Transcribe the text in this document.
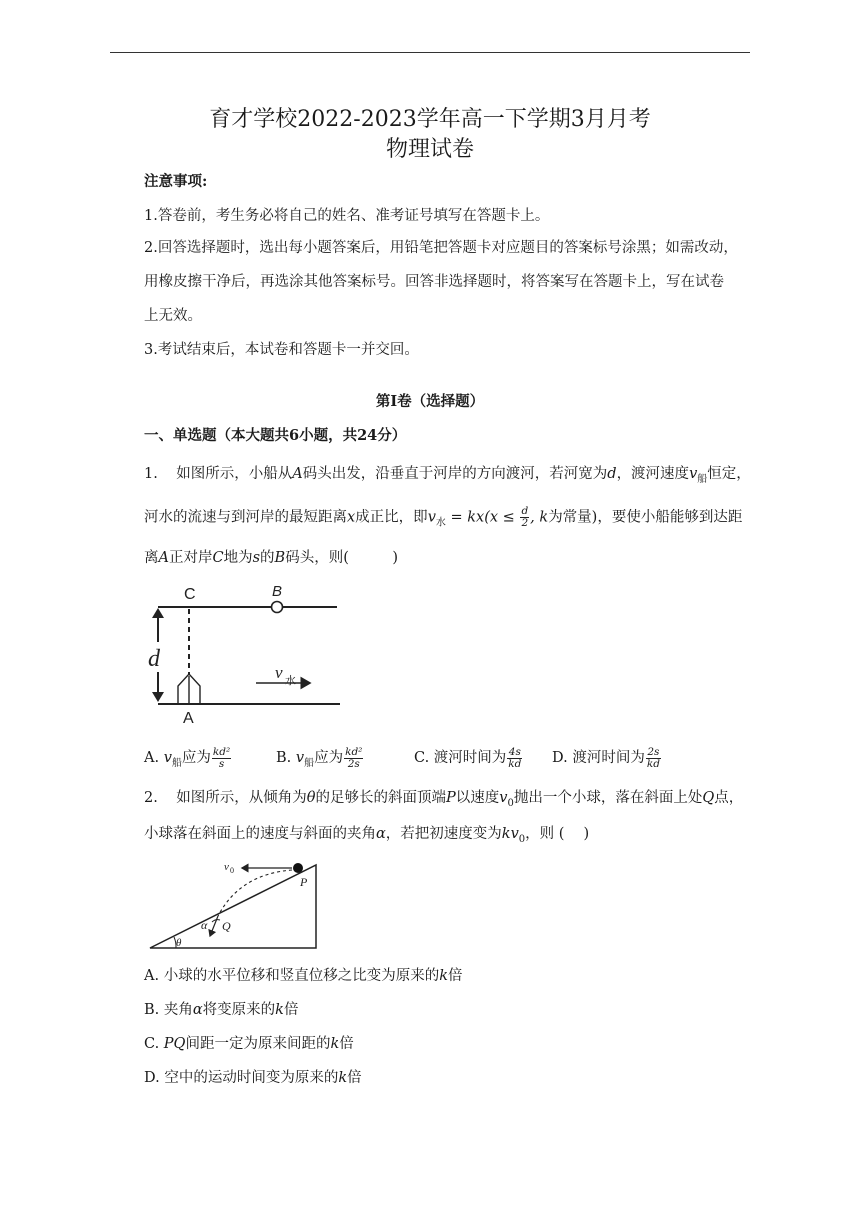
育才学校2022-2023学年高一下学期3月月考
物理试卷
注意事项:
1.答卷前，考生务必将自己的姓名、准考证号填写在答题卡上。
2.回答选择题时，选出每小题答案后，用铅笔把答题卡对应题目的答案标号涂黑；如需改动，
用橡皮擦干净后，再选涂其他答案标号。回答非选择题时，将答案写在答题卡上，写在试卷
上无效。
3.考试结束后，本试卷和答题卡一并交回。
第I卷（选择题）
一、单选题（本大题共6小题，共24分）
1. 如图所示，小船从A码头出发，沿垂直于河岸的方向渡河，若河宽为d，渡河速度$v_船$恒定，
河水的流速与到河岸的最短距离x成正比，即$v_水 = kx(x \le \frac{d}{2}$ , k为常量)，要使小船能够到达距
离A正对岸C地为s的B码头，则(　　　)
C	B
d
v 水
A
A. $v_船$应为 $\frac{\text{kd²}}{s}$	B. $v_船$应为 $\frac{\text{kd²}}{2s}$	C. 渡河时间为 $\frac{4s}{kd} D$. 渡河时间为 $\frac{2s}{kd}$
2. 如图所示，从倾角为θ的足够长的斜面顶端P以速度$v_0$抛出一个小球，落在斜面上处Q点，
小球落在斜面上的速度与斜面的夹角α，若把初速度变为$kv_0$，则 (　 )
v 0
P
Q
α
θ
A. 小球的水平位移和竖直位移之比变为原来的k倍
B. 夹角α将变原来的k倍
C. PQ间距一定为原来间距的k倍
D. 空中的运动时间变为原来的k倍
